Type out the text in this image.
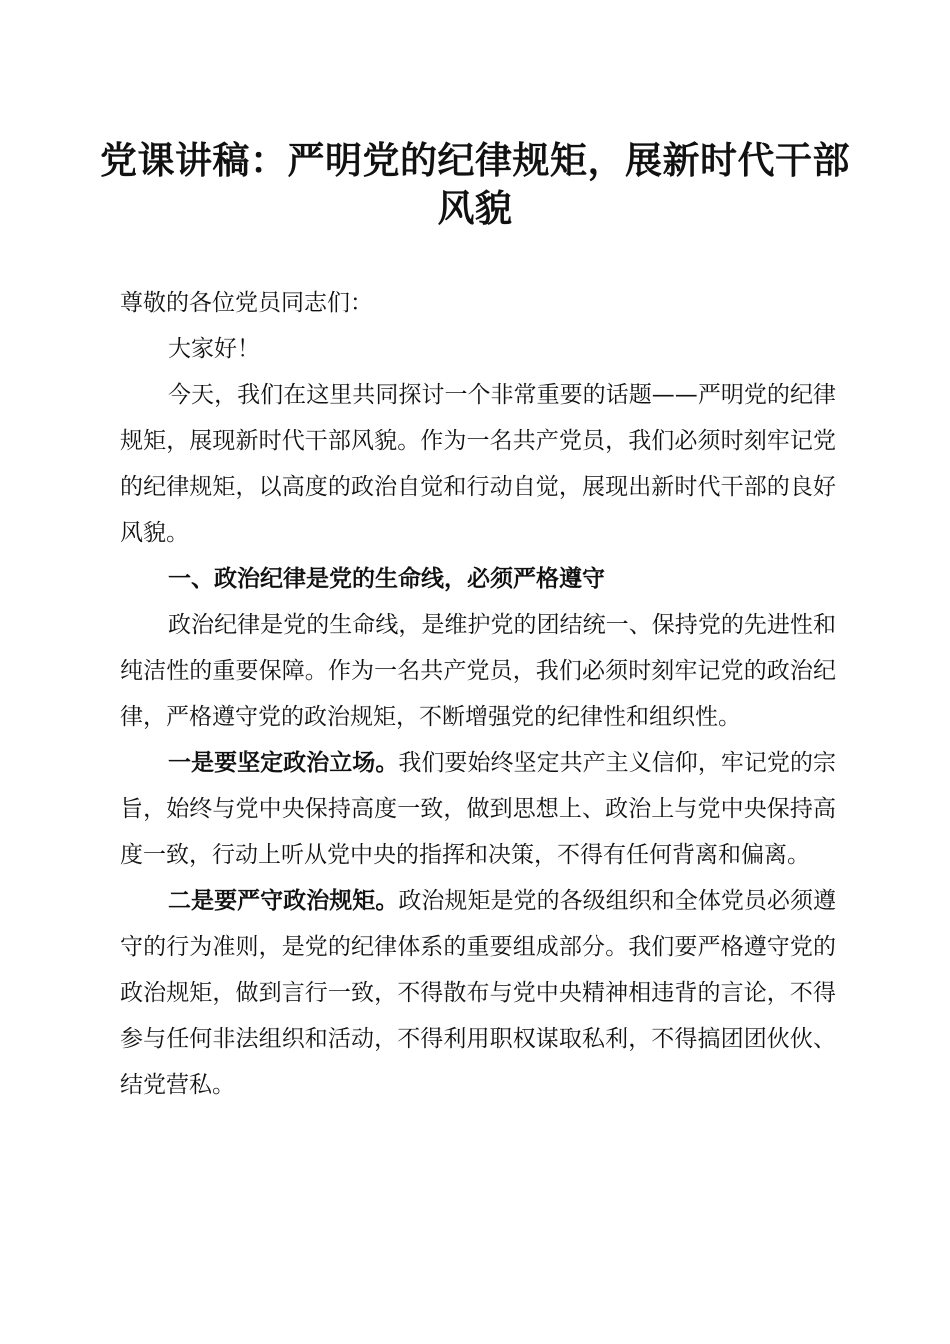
党课讲稿：严明党的纪律规矩，展新时代干部风貌

尊敬的各位党员同志们：

大家好！

今天，我们在这里共同探讨一个非常重要的话题——严明党的纪律规矩，展现新时代干部风貌。作为一名共产党员，我们必须时刻牢记党的纪律规矩，以高度的政治自觉和行动自觉，展现出新时代干部的良好风貌。

一、政治纪律是党的生命线，必须严格遵守

政治纪律是党的生命线，是维护党的团结统一、保持党的先进性和纯洁性的重要保障。作为一名共产党员，我们必须时刻牢记党的政治纪律，严格遵守党的政治规矩，不断增强党的纪律性和组织性。

一是要坚定政治立场。我们要始终坚定共产主义信仰，牢记党的宗旨，始终与党中央保持高度一致，做到思想上、政治上与党中央保持高度一致，行动上听从党中央的指挥和决策，不得有任何背离和偏离。

二是要严守政治规矩。政治规矩是党的各级组织和全体党员必须遵守的行为准则，是党的纪律体系的重要组成部分。我们要严格遵守党的政治规矩，做到言行一致，不得散布与党中央精神相违背的言论，不得参与任何非法组织和活动，不得利用职权谋取私利，不得搞团团伙伙、结党营私。
